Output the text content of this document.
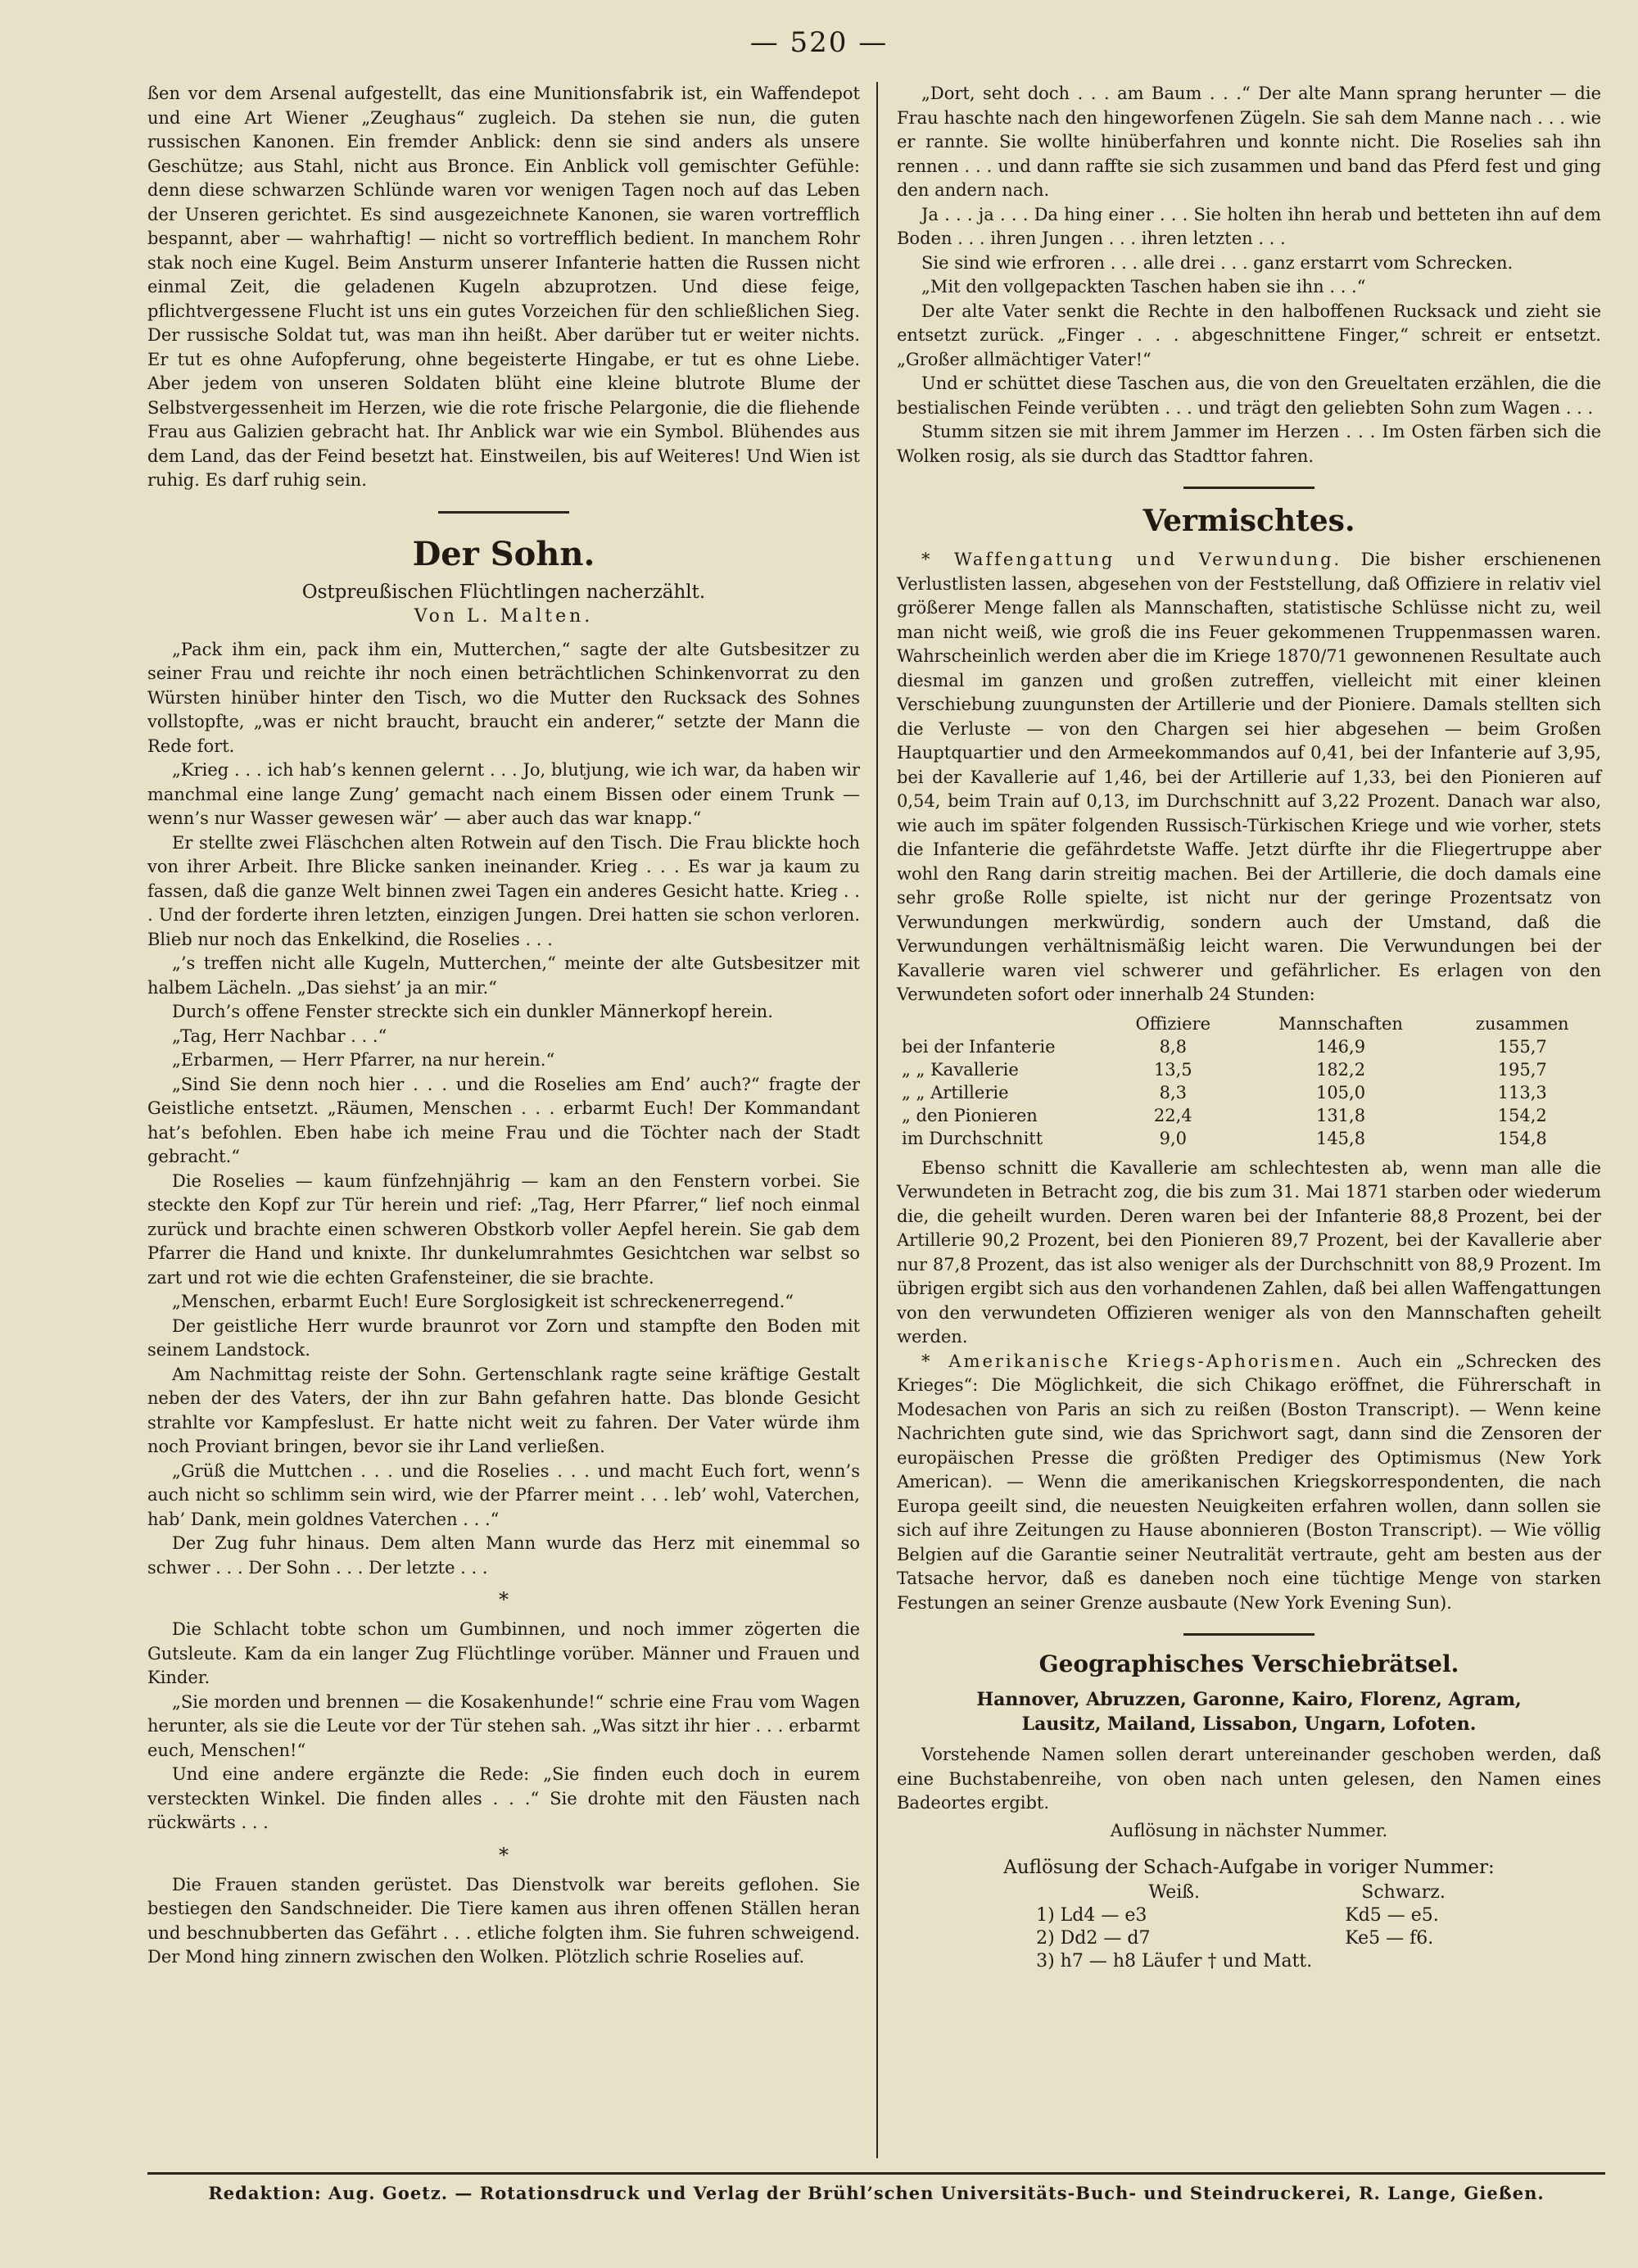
— 520 —

ßen vor dem Arsenal aufgestellt, das eine Munitionsfabrik ist, ein Waffendepot und eine Art Wiener „Zeughaus“ zugleich. Da stehen sie nun, die guten russischen Kanonen. Ein fremder Anblick: denn sie sind anders als unsere Geschütze; aus Stahl, nicht aus Bronce. Ein Anblick voll gemischter Gefühle: denn diese schwarzen Schlünde waren vor wenigen Tagen noch auf das Leben der Unseren gerichtet. Es sind ausgezeichnete Kanonen, sie waren vortrefflich bespannt, aber — wahrhaftig! — nicht so vortrefflich bedient. In manchem Rohr stak noch eine Kugel. Beim Ansturm unserer Infanterie hatten die Russen nicht einmal Zeit, die geladenen Kugeln abzuprotzen. Und diese feige, pflichtvergessene Flucht ist uns ein gutes Vorzeichen für den schließlichen Sieg. Der russische Soldat tut, was man ihn heißt. Aber darüber tut er weiter nichts. Er tut es ohne Aufopferung, ohne begeisterte Hingabe, er tut es ohne Liebe. Aber jedem von unseren Soldaten blüht eine kleine blutrote Blume der Selbstvergessenheit im Herzen, wie die rote frische Pelargonie, die die fliehende Frau aus Galizien gebracht hat. Ihr Anblick war wie ein Symbol. Blühendes aus dem Land, das der Feind besetzt hat. Einstweilen, bis auf Weiteres! Und Wien ist ruhig. Es darf ruhig sein.

Der Sohn.
Ostpreußischen Flüchtlingen nacherzählt.
Von L. Malten.

„Pack ihm ein, pack ihm ein, Mutterchen,“ sagte der alte Gutsbesitzer zu seiner Frau und reichte ihr noch einen beträchtlichen Schinkenvorrat zu den Würsten hinüber hinter den Tisch, wo die Mutter den Rucksack des Sohnes vollstopfte, „was er nicht braucht, braucht ein anderer,“ setzte der Mann die Rede fort.

„Krieg . . . ich hab’s kennen gelernt . . . Jo, blutjung, wie ich war, da haben wir manchmal eine lange Zung’ gemacht nach einem Bissen oder einem Trunk — wenn’s nur Wasser gewesen wär’ — aber auch das war knapp.“

Er stellte zwei Fläschchen alten Rotwein auf den Tisch. Die Frau blickte hoch von ihrer Arbeit. Ihre Blicke sanken ineinander. Krieg . . . Es war ja kaum zu fassen, daß die ganze Welt binnen zwei Tagen ein anderes Gesicht hatte. Krieg . . . Und der forderte ihren letzten, einzigen Jungen. Drei hatten sie schon verloren. Blieb nur noch das Enkelkind, die Roselies . . .

„’s treffen nicht alle Kugeln, Mutterchen,“ meinte der alte Gutsbesitzer mit halbem Lächeln. „Das siehst’ ja an mir.“

Durch’s offene Fenster streckte sich ein dunkler Männerkopf herein.

„Tag, Herr Nachbar . . .“

„Erbarmen, — Herr Pfarrer, na nur herein.“

„Sind Sie denn noch hier . . . und die Roselies am End’ auch?“ fragte der Geistliche entsetzt. „Räumen, Menschen . . . erbarmt Euch! Der Kommandant hat’s befohlen. Eben habe ich meine Frau und die Töchter nach der Stadt gebracht.“

Die Roselies — kaum fünfzehnjährig — kam an den Fenstern vorbei. Sie steckte den Kopf zur Tür herein und rief: „Tag, Herr Pfarrer,“ lief noch einmal zurück und brachte einen schweren Obstkorb voller Aepfel herein. Sie gab dem Pfarrer die Hand und knixte. Ihr dunkelumrahmtes Gesichtchen war selbst so zart und rot wie die echten Grafensteiner, die sie brachte.

„Menschen, erbarmt Euch! Eure Sorglosigkeit ist schreckenerregend.“

Der geistliche Herr wurde braunrot vor Zorn und stampfte den Boden mit seinem Landstock.

Am Nachmittag reiste der Sohn. Gertenschlank ragte seine kräftige Gestalt neben der des Vaters, der ihn zur Bahn gefahren hatte. Das blonde Gesicht strahlte vor Kampfeslust. Er hatte nicht weit zu fahren. Der Vater würde ihm noch Proviant bringen, bevor sie ihr Land verließen.

„Grüß die Muttchen . . . und die Roselies . . . und macht Euch fort, wenn’s auch nicht so schlimm sein wird, wie der Pfarrer meint . . . leb’ wohl, Vaterchen, hab’ Dank, mein goldnes Vaterchen . . .“

Der Zug fuhr hinaus. Dem alten Mann wurde das Herz mit einemmal so schwer . . . Der Sohn . . . Der letzte . . .

*

Die Schlacht tobte schon um Gumbinnen, und noch immer zögerten die Gutsleute. Kam da ein langer Zug Flüchtlinge vorüber. Männer und Frauen und Kinder.

„Sie morden und brennen — die Kosakenhunde!“ schrie eine Frau vom Wagen herunter, als sie die Leute vor der Tür stehen sah. „Was sitzt ihr hier . . . erbarmt euch, Menschen!“

Und eine andere ergänzte die Rede: „Sie finden euch doch in eurem versteckten Winkel. Die finden alles . . .“ Sie drohte mit den Fäusten nach rückwärts . . .

*

Die Frauen standen gerüstet. Das Dienstvolk war bereits geflohen. Sie bestiegen den Sandschneider. Die Tiere kamen aus ihren offenen Ställen heran und beschnubberten das Gefährt . . . etliche folgten ihm. Sie fuhren schweigend. Der Mond hing zinnern zwischen den Wolken. Plötzlich schrie Roselies auf.

„Dort, seht doch . . . am Baum . . .“ Der alte Mann sprang herunter — die Frau haschte nach den hingeworfenen Zügeln. Sie sah dem Manne nach . . . wie er rannte. Sie wollte hinüberfahren und konnte nicht. Die Roselies sah ihn rennen . . . und dann raffte sie sich zusammen und band das Pferd fest und ging den andern nach.

Ja . . . ja . . . Da hing einer . . . Sie holten ihn herab und betteten ihn auf dem Boden . . . ihren Jungen . . . ihren letzten . . .

Sie sind wie erfroren . . . alle drei . . . ganz erstarrt vom Schrecken.

„Mit den vollgepackten Taschen haben sie ihn . . .“

Der alte Vater senkt die Rechte in den halboffenen Rucksack und zieht sie entsetzt zurück. „Finger . . . abgeschnittene Finger,“ schreit er entsetzt. „Großer allmächtiger Vater!“

Und er schüttet diese Taschen aus, die von den Greueltaten erzählen, die die bestialischen Feinde verübten . . . und trägt den geliebten Sohn zum Wagen . . .

Stumm sitzen sie mit ihrem Jammer im Herzen . . . Im Osten färben sich die Wolken rosig, als sie durch das Stadttor fahren.

Vermischtes.

* Waffengattung und Verwundung. Die bisher erschienenen Verlustlisten lassen, abgesehen von der Feststellung, daß Offiziere in relativ viel größerer Menge fallen als Mannschaften, statistische Schlüsse nicht zu, weil man nicht weiß, wie groß die ins Feuer gekommenen Truppenmassen waren. Wahrscheinlich werden aber die im Kriege 1870/71 gewonnenen Resultate auch diesmal im ganzen und großen zutreffen, vielleicht mit einer kleinen Verschiebung zuungunsten der Artillerie und der Pioniere. Damals stellten sich die Verluste — von den Chargen sei hier abgesehen — beim Großen Hauptquartier und den Armeekommandos auf 0,41, bei der Infanterie auf 3,95, bei der Kavallerie auf 1,46, bei der Artillerie auf 1,33, bei den Pionieren auf 0,54, beim Train auf 0,13, im Durchschnitt auf 3,22 Prozent. Danach war also, wie auch im später folgenden Russisch-Türkischen Kriege und wie vorher, stets die Infanterie die gefährdetste Waffe. Jetzt dürfte ihr die Fliegertruppe aber wohl den Rang darin streitig machen. Bei der Artillerie, die doch damals eine sehr große Rolle spielte, ist nicht nur der geringe Prozentsatz von Verwundungen merkwürdig, sondern auch der Umstand, daß die Verwundungen verhältnismäßig leicht waren. Die Verwundungen bei der Kavallerie waren viel schwerer und gefährlicher. Es erlagen von den Verwundeten sofort oder innerhalb 24 Stunden:

	Offiziere	Mannschaften	zusammen
bei der Infanterie	8,8	146,9	155,7
„ „ Kavallerie	13,5	182,2	195,7
„ „ Artillerie	8,3	105,0	113,3
„ den Pionieren	22,4	131,8	154,2
im Durchschnitt	9,0	145,8	154,8

Ebenso schnitt die Kavallerie am schlechtesten ab, wenn man alle die Verwundeten in Betracht zog, die bis zum 31. Mai 1871 starben oder wiederum die, die geheilt wurden. Deren waren bei der Infanterie 88,8 Prozent, bei der Artillerie 90,2 Prozent, bei den Pionieren 89,7 Prozent, bei der Kavallerie aber nur 87,8 Prozent, das ist also weniger als der Durchschnitt von 88,9 Prozent. Im übrigen ergibt sich aus den vorhandenen Zahlen, daß bei allen Waffengattungen von den verwundeten Offizieren weniger als von den Mannschaften geheilt werden.

* Amerikanische Kriegs-Aphorismen. Auch ein „Schrecken des Krieges“: Die Möglichkeit, die sich Chikago eröffnet, die Führerschaft in Modesachen von Paris an sich zu reißen (Boston Transcript). — Wenn keine Nachrichten gute sind, wie das Sprichwort sagt, dann sind die Zensoren der europäischen Presse die größten Prediger des Optimismus (New York American). — Wenn die amerikanischen Kriegskorrespondenten, die nach Europa geeilt sind, die neuesten Neuigkeiten erfahren wollen, dann sollen sie sich auf ihre Zeitungen zu Hause abonnieren (Boston Transcript). — Wie völlig Belgien auf die Garantie seiner Neutralität vertraute, geht am besten aus der Tatsache hervor, daß es daneben noch eine tüchtige Menge von starken Festungen an seiner Grenze ausbaute (New York Evening Sun).

Geographisches Verschiebrätsel.
Hannover, Abruzzen, Garonne, Kairo, Florenz, Agram,
Lausitz, Mailand, Lissabon, Ungarn, Lofoten.

Vorstehende Namen sollen derart untereinander geschoben werden, daß eine Buchstabenreihe, von oben nach unten gelesen, den Namen eines Badeortes ergibt.

Auflösung in nächster Nummer.
Auflösung der Schach-Aufgabe in voriger Nummer:
Weiß.	Schwarz.
1) Ld4 — e3	Kd5 — e5.
2) Dd2 — d7	Ke5 — f6.
3) h7 — h8 Läufer † und Matt.	
Redaktion: Aug. Goetz. — Rotationsdruck und Verlag der Brühl’schen Universitäts-Buch- und Steindruckerei, R. Lange, Gießen.
